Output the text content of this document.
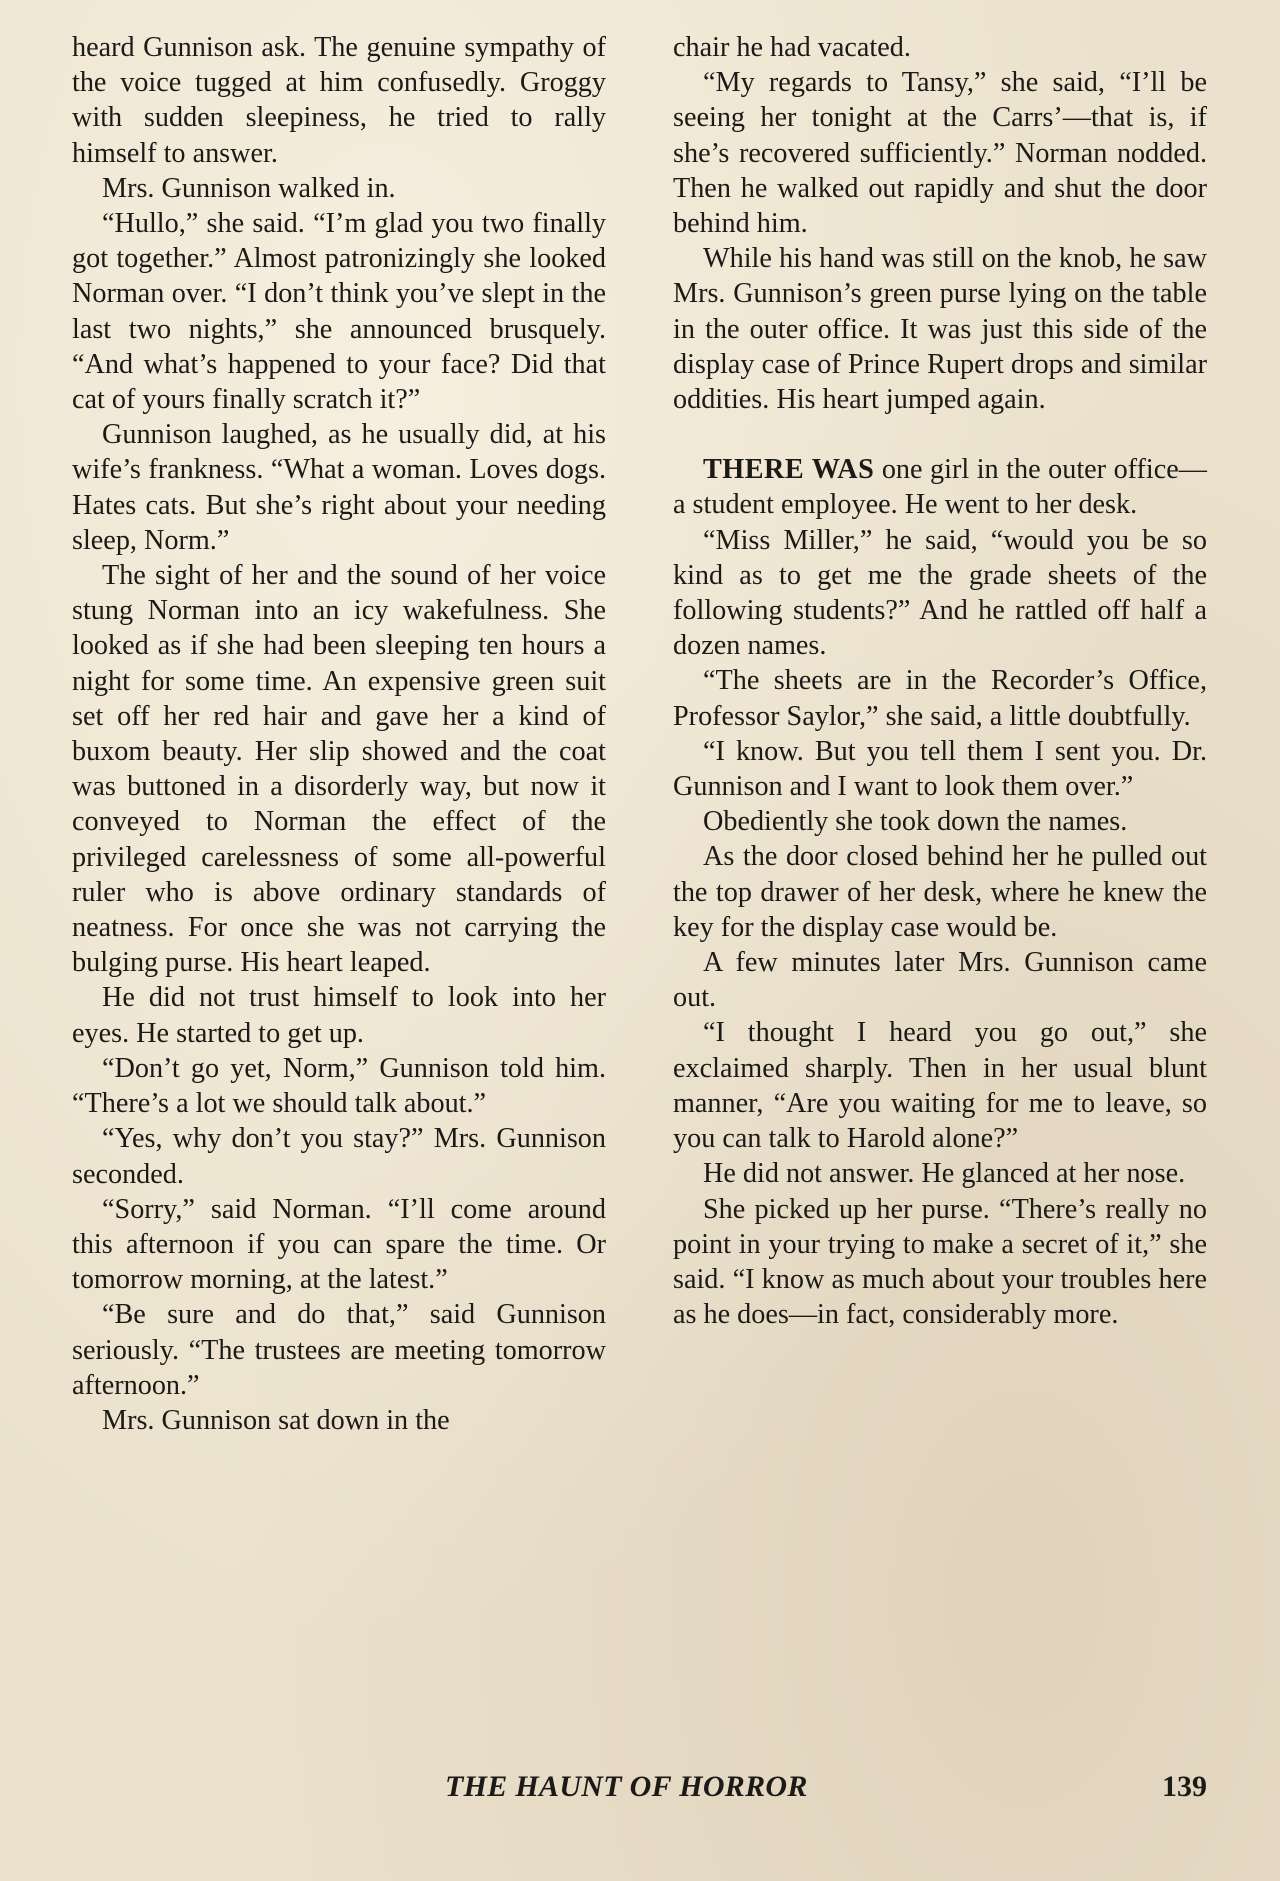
heard Gunnison ask. The genuine sympathy of the voice tugged at him confusedly. Groggy with sudden sleepiness, he tried to rally himself to answer.

Mrs. Gunnison walked in.

“Hullo,” she said. “I’m glad you two finally got together.” Almost patronizingly she looked Norman over. “I don’t think you’ve slept in the last two nights,” she announced brusquely. “And what’s happened to your face? Did that cat of yours finally scratch it?”

Gunnison laughed, as he usually did, at his wife’s frankness. “What a woman. Loves dogs. Hates cats. But she’s right about your needing sleep, Norm.”

The sight of her and the sound of her voice stung Norman into an icy wakefulness. She looked as if she had been sleeping ten hours a night for some time. An expensive green suit set off her red hair and gave her a kind of buxom beauty. Her slip showed and the coat was buttoned in a disorderly way, but now it conveyed to Norman the effect of the privileged carelessness of some all-powerful ruler who is above ordinary standards of neatness. For once she was not carrying the bulging purse. His heart leaped.

He did not trust himself to look into her eyes. He started to get up.

“Don’t go yet, Norm,” Gunnison told him. “There’s a lot we should talk about.”

“Yes, why don’t you stay?” Mrs. Gunnison seconded.

“Sorry,” said Norman. “I’ll come around this afternoon if you can spare the time. Or tomorrow morning, at the latest.”

“Be sure and do that,” said Gunnison seriously. “The trustees are meeting tomorrow afternoon.”

Mrs. Gunnison sat down in the

chair he had vacated.

“My regards to Tansy,” she said, “I’ll be seeing her tonight at the Carrs’—that is, if she’s recovered sufficiently.” Norman nodded. Then he walked out rapidly and shut the door behind him.

While his hand was still on the knob, he saw Mrs. Gunnison’s green purse lying on the table in the outer office. It was just this side of the display case of Prince Rupert drops and similar oddities. His heart jumped again.

THERE WAS one girl in the outer office—a student employee. He went to her desk.

“Miss Miller,” he said, “would you be so kind as to get me the grade sheets of the following students?” And he rattled off half a dozen names.

“The sheets are in the Recorder’s Office, Professor Saylor,” she said, a little doubtfully.

“I know. But you tell them I sent you. Dr. Gunnison and I want to look them over.”

Obediently she took down the names.

As the door closed behind her he pulled out the top drawer of her desk, where he knew the key for the display case would be.

A few minutes later Mrs. Gunnison came out.

“I thought I heard you go out,” she exclaimed sharply. Then in her usual blunt manner, “Are you waiting for me to leave, so you can talk to Harold alone?”

He did not answer. He glanced at her nose.

She picked up her purse. “There’s really no point in your trying to make a secret of it,” she said. “I know as much about your troubles here as he does—in fact, considerably more.

THE HAUNT OF HORROR	139
